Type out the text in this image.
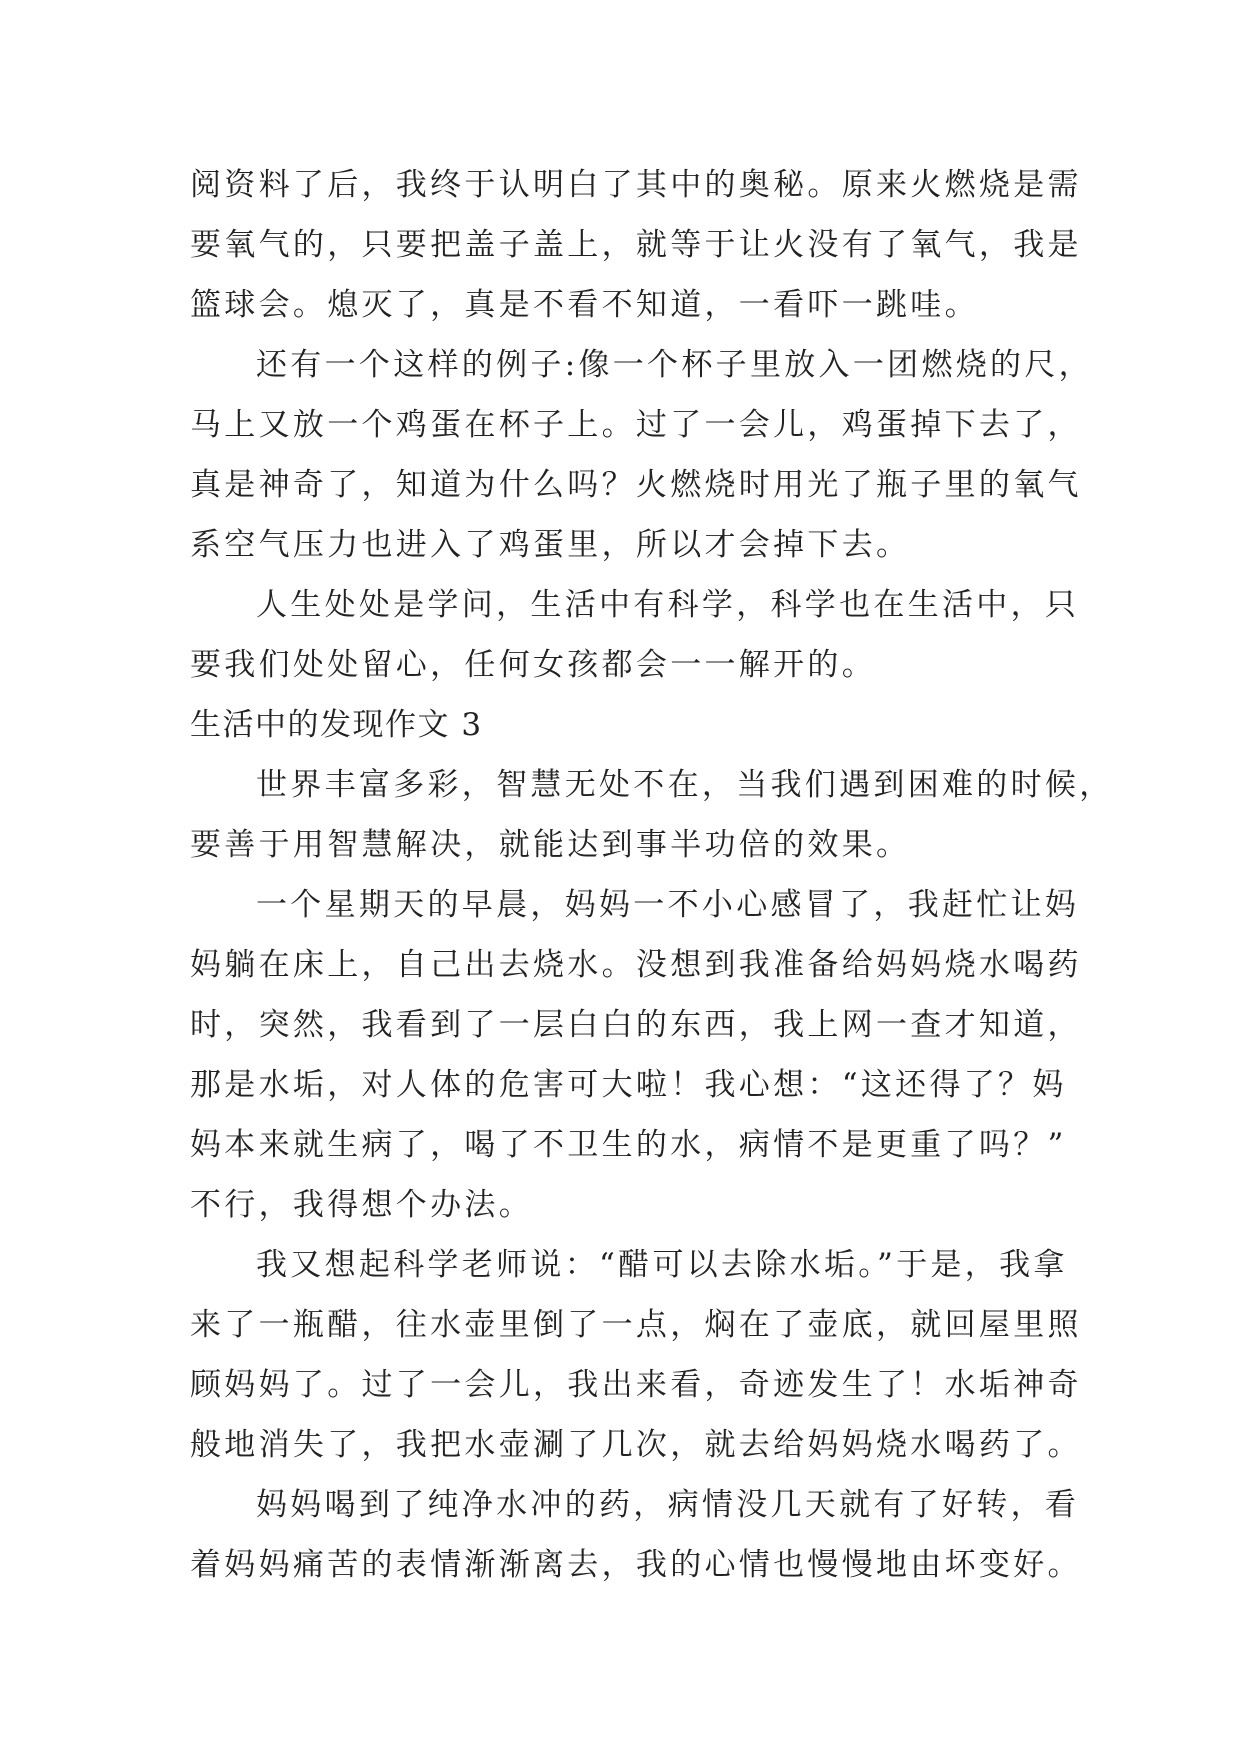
阅资料了后，我终于认明白了其中的奥秘。原来火燃烧是需
要氧气的，只要把盖子盖上，就等于让火没有了氧气，我是
篮球会。熄灭了，真是不看不知道，一看吓一跳哇。
还有一个这样的例子:像一个杯子里放入一团燃烧的尺，
马上又放一个鸡蛋在杯子上。过了一会儿，鸡蛋掉下去了，
真是神奇了，知道为什么吗？火燃烧时用光了瓶子里的氧气
系空气压力也进入了鸡蛋里，所以才会掉下去。
人生处处是学问，生活中有科学，科学也在生活中，只
要我们处处留心，任何女孩都会一一解开的。
生活中的发现作文 3
世界丰富多彩，智慧无处不在，当我们遇到困难的时候，
要善于用智慧解决，就能达到事半功倍的效果。
一个星期天的早晨，妈妈一不小心感冒了，我赶忙让妈
妈躺在床上，自己出去烧水。没想到我准备给妈妈烧水喝药
时，突然，我看到了一层白白的东西，我上网一查才知道，
那是水垢，对人体的危害可大啦！我心想：“这还得了？妈
妈本来就生病了，喝了不卫生的水，病情不是更重了吗？”
不行，我得想个办法。
我又想起科学老师说：“醋可以去除水垢。”于是，我拿
来了一瓶醋，往水壶里倒了一点，焖在了壶底，就回屋里照
顾妈妈了。过了一会儿，我出来看，奇迹发生了！水垢神奇
般地消失了，我把水壶涮了几次，就去给妈妈烧水喝药了。
妈妈喝到了纯净水冲的药，病情没几天就有了好转，看
着妈妈痛苦的表情渐渐离去，我的心情也慢慢地由坏变好。
